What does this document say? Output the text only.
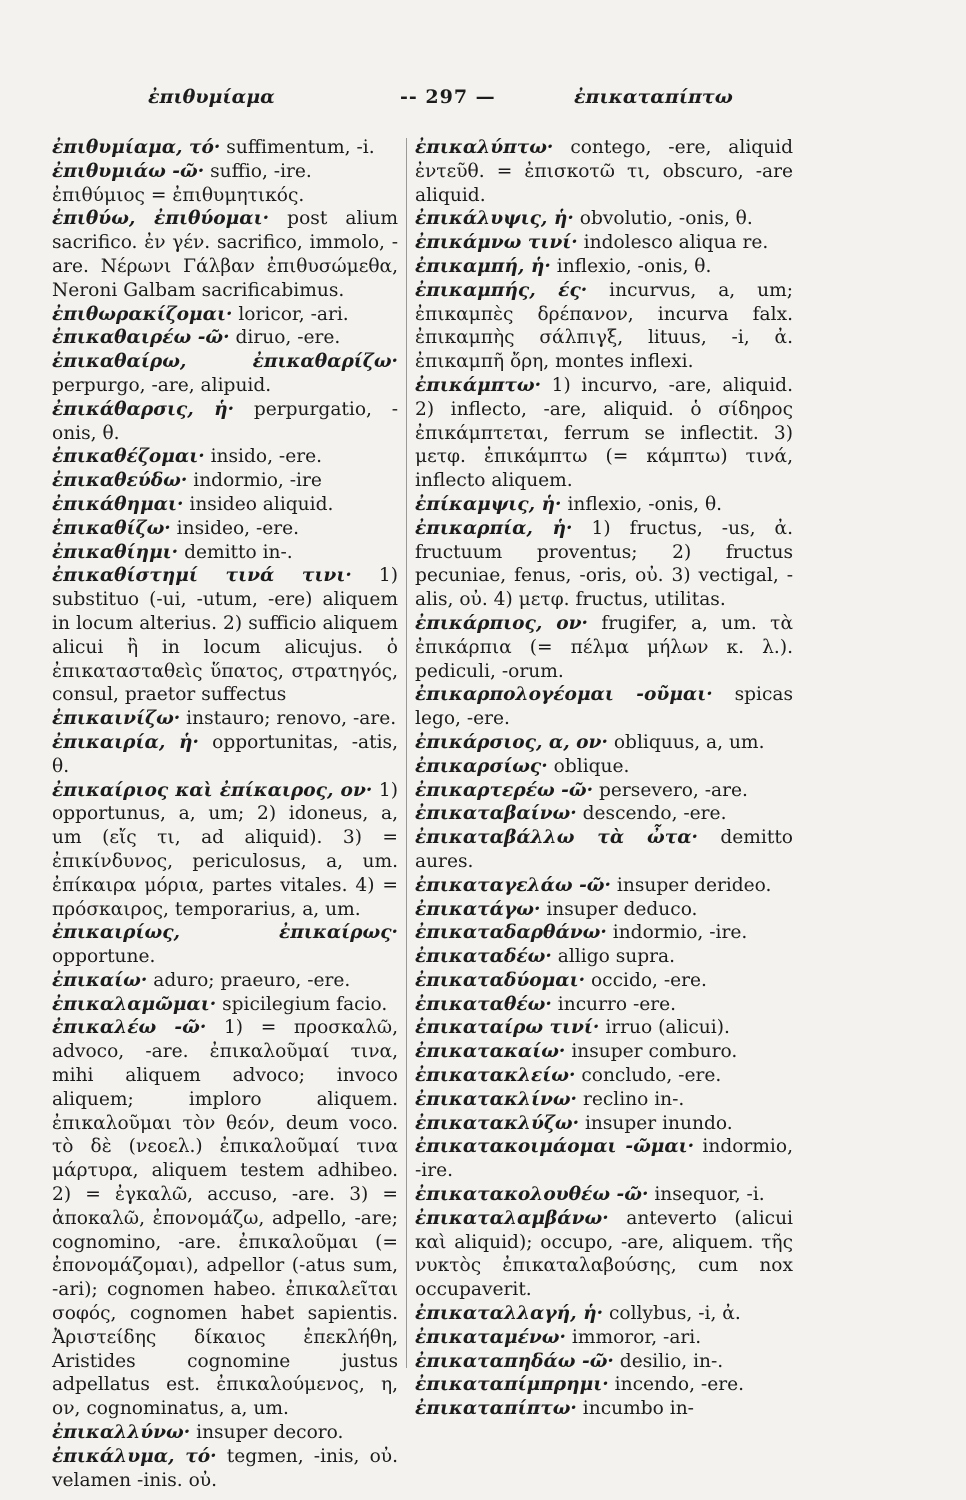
ἐπιθυμίαμα	-- 297 —	ἐπικαταπίπτω

ἐπιθυμίαμα, τό· suffimentum, -i.

ἐπιθυμιάω -ῶ· suffio, -ire.

ἐπιθύμιος = ἐπιθυμητικός.

ἐπιθύω, ἐπιθύομαι· post alium sacrifico. ἐν γέν. sacrifico, immolo, -are. Νέρωνι Γάλβαν ἐπιθυσώμεθα, Neroni Galbam sacrificabimus.

ἐπιθωρακίζομαι· loricor, -ari.

ἐπικαθαιρέω -ῶ· diruo, -ere.

ἐπικαθαίρω, ἐπικαθαρίζω· perpurgo, -are, alipuid.

ἐπικάθαρσις, ἡ· perpurgatio, -onis, θ.

ἐπικαθέζομαι· insido, -ere.

ἐπικαθεύδω· indormio, -ire

ἐπικάθημαι· insideo aliquid.

ἐπικαθίζω· insideo, -ere.

ἐπικαθίημι· demitto in-.

ἐπικαθίστημί τινά τινι· 1) substituo (-ui, -utum, -ere) aliquem in locum alterius. 2) sufficio aliquem alicui ἢ in locum alicujus. ὁ ἐπικατασταθεὶς ὕπατος, στρατηγός, consul, praetor suffectus

ἐπικαινίζω· instauro; renovo, -are.

ἐπικαιρία, ἡ· opportunitas, -atis, θ.

ἐπικαίριος καὶ ἐπίκαιρος, ον· 1) opportunus, a, um; 2) idoneus, a, um (εἴς τι, ad aliquid). 3) = ἐπικίνδυνος, periculosus, a, um. ἐπίκαιρα μόρια, partes vitales. 4) = πρόσκαιρος, temporarius, a, um.

ἐπικαιρίως, ἐπικαίρως· opportune.

ἐπικαίω· aduro; praeuro, -ere.

ἐπικαλαμῶμαι· spicilegium facio.

ἐπικαλέω -ῶ· 1) = προσκαλῶ, advoco, -are. ἐπικαλοῦμαί τινα, mihi aliquem advoco; invoco aliquem; imploro aliquem. ἐπικαλοῦμαι τὸν θεόν, deum voco. τὸ δὲ (νεοελ.) ἐπικαλοῦμαί τινα μάρτυρα, aliquem testem adhibeo. 2) = ἐγκαλῶ, accuso, -are. 3) = ἀποκαλῶ, ἐπονομάζω, adpello, -are; cognomino, -are. ἐπικαλοῦμαι (= ἐπονομάζομαι), adpellor (-atus sum, -ari); cognomen habeo. ἐπικαλεῖται σοφός, cognomen habet sapientis. Ἀριστείδης δίκαιος ἐπεκλήθη, Aristides cognomine justus adpellatus est. ἐπικαλούμενος, η, ον, cognominatus, a, um.

ἐπικαλλύνω· insuper decoro.

ἐπικάλυμα, τό· tegmen, -inis, οὐ. velamen -inis. οὐ.

ἐπικαλύπτω· contego, -ere, aliquid ἐντεῦθ. = ἐπισκοτῶ τι, obscuro, -are aliquid.

ἐπικάλυψις, ἡ· obvolutio, -onis, θ.

ἐπικάμνω τινί· indolesco aliqua re.

ἐπικαμπή, ἡ· inflexio, -onis, θ.

ἐπικαμπής, ές· incurvus, a, um; ἐπικαμπὲς δρέπανον, incurva falx. ἐπικαμπὴς σάλπιγξ, lituus, -i, ἀ. ἐπικαμπῆ ὄρη, montes inflexi.

ἐπικάμπτω· 1) incurvo, -are, aliquid. 2) inflecto, -are, aliquid. ὁ σίδηρος ἐπικάμπτεται, ferrum se inflectit. 3) μετφ. ἐπικάμπτω (= κάμπτω) τινά, inflecto aliquem.

ἐπίκαμψις, ἡ· inflexio, -onis, θ.

ἐπικαρπία, ἡ· 1) fructus, -us, ἀ. fructuum proventus; 2) fructus pecuniae, fenus, -oris, οὐ. 3) vectigal, -alis, οὐ. 4) μετφ. fructus, utilitas.

ἐπικάρπιος, ον· frugifer, a, um. τὰ ἐπικάρπια (= πέλμα μήλων κ. λ.). pediculi, -orum.

ἐπικαρπολογέομαι -οῦμαι· spicas lego, -ere.

ἐπικάρσιος, α, ον· obliquus, a, um.

ἐπικαρσίως· oblique.

ἐπικαρτερέω -ῶ· persevero, -are.

ἐπικαταβαίνω· descendo, -ere.

ἐπικαταβάλλω τὰ ὦτα· demitto aures.

ἐπικαταγελάω -ῶ· insuper derideo.

ἐπικατάγω· insuper deduco.

ἐπικαταδαρθάνω· indormio, -ire.

ἐπικαταδέω· alligo supra.

ἐπικαταδύομαι· occido, -ere.

ἐπικαταθέω· incurro -ere.

ἐπικαταίρω τινί· irruo (alicui).

ἐπικατακαίω· insuper comburo.

ἐπικατακλείω· concludo, -ere.

ἐπικατακλίνω· reclino in-.

ἐπικατακλύζω· insuper inundo.

ἐπικατακοιμάομαι -ῶμαι· indormio, -ire.

ἐπικατακολουθέω -ῶ· insequor, -i.

ἐπικαταλαμβάνω· anteverto (alicui καὶ aliquid); occupo, -are, aliquem. τῆς νυκτὸς ἐπικαταλαβούσης, cum nox occupaverit.

ἐπικαταλλαγή, ἡ· collybus, -i, ἀ.

ἐπικαταμένω· immoror, -ari.

ἐπικαταπηδάω -ῶ· desilio, in-.

ἐπικαταπίμπρημι· incendo, -ere.

ἐπικαταπίπτω· incumbo in-
